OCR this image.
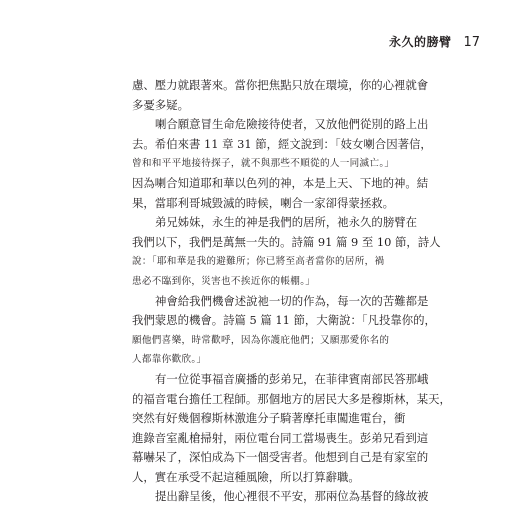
永久的膀臂 17
慮、壓力就跟著來。當你把焦點只放在環境，你的心裡就會
多憂多疑。
喇合願意冒生命危險接待使者，又放他們從別的路上出
去。希伯來書 11 章 31 節，經文說到：「妓女喇合因著信，
曾和和平平地接待探子，就不與那些不順從的人一同滅亡。」
因為喇合知道耶和華以色列的神，本是上天、下地的神。結
果，當耶利哥城毀滅的時候，喇合一家卻得蒙拯救。
弟兄姊妹，永生的神是我們的居所，祂永久的膀臂在
我們以下，我們是萬無一失的。詩篇 91 篇 9 至 10 節，詩人
說：「耶和華是我的避難所；你已將至高者當你的居所，禍
患必不臨到你，災害也不挨近你的帳棚。」
神會給我們機會述說祂一切的作為，每一次的苦難都是
我們蒙恩的機會。詩篇 5 篇 11 節，大衛說：「凡投靠你的，
願他們喜樂，時常歡呼，因為你護庇他們；又願那愛你名的
人都靠你歡欣。」
有一位從事福音廣播的彭弟兄，在菲律賓南部民答那峨
的福音電台擔任工程師。那個地方的居民大多是穆斯林，某天，
突然有好幾個穆斯林激進分子騎著摩托車闖進電台，衝
進錄音室亂槍掃射，兩位電台同工當場喪生。彭弟兄看到這
幕嚇呆了，深怕成為下一個受害者。他想到自己是有家室的
人，實在承受不起這種風險，所以打算辭職。
提出辭呈後，他心裡很不平安，那兩位為基督的緣故被
